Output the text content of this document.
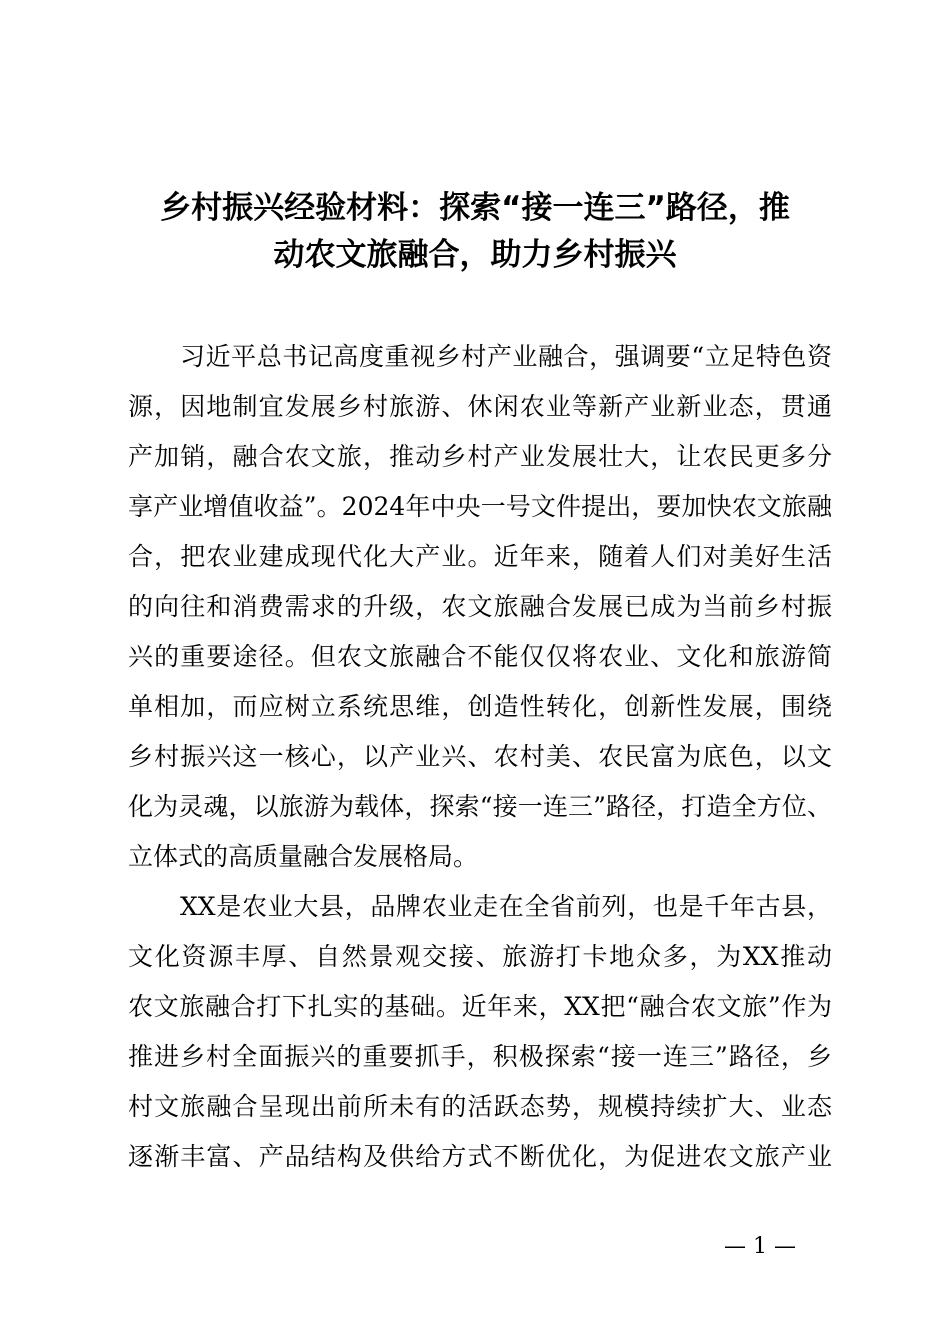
乡村振兴经验材料：探索“接一连三”路径，推
动农文旅融合，助力乡村振兴
习近平总书记高度重视乡村产业融合，强调要“立足特色资
源，因地制宜发展乡村旅游、休闲农业等新产业新业态，贯通
产加销，融合农文旅，推动乡村产业发展壮大，让农民更多分
享产业增值收益”。2024年中央一号文件提出，要加快农文旅融
合，把农业建成现代化大产业。近年来，随着人们对美好生活
的向往和消费需求的升级，农文旅融合发展已成为当前乡村振
兴的重要途径。但农文旅融合不能仅仅将农业、文化和旅游简
单相加，而应树立系统思维，创造性转化，创新性发展，围绕
乡村振兴这一核心，以产业兴、农村美、农民富为底色，以文
化为灵魂，以旅游为载体，探索“接一连三”路径，打造全方位、
立体式的高质量融合发展格局。
XX是农业大县，品牌农业走在全省前列，也是千年古县，
文化资源丰厚、自然景观交接、旅游打卡地众多，为XX推动
农文旅融合打下扎实的基础。近年来，XX把“融合农文旅”作为
推进乡村全面振兴的重要抓手，积极探索“接一连三”路径，乡
村文旅融合呈现出前所未有的活跃态势，规模持续扩大、业态
逐渐丰富、产品结构及供给方式不断优化，为促进农文旅产业
— 1 —
